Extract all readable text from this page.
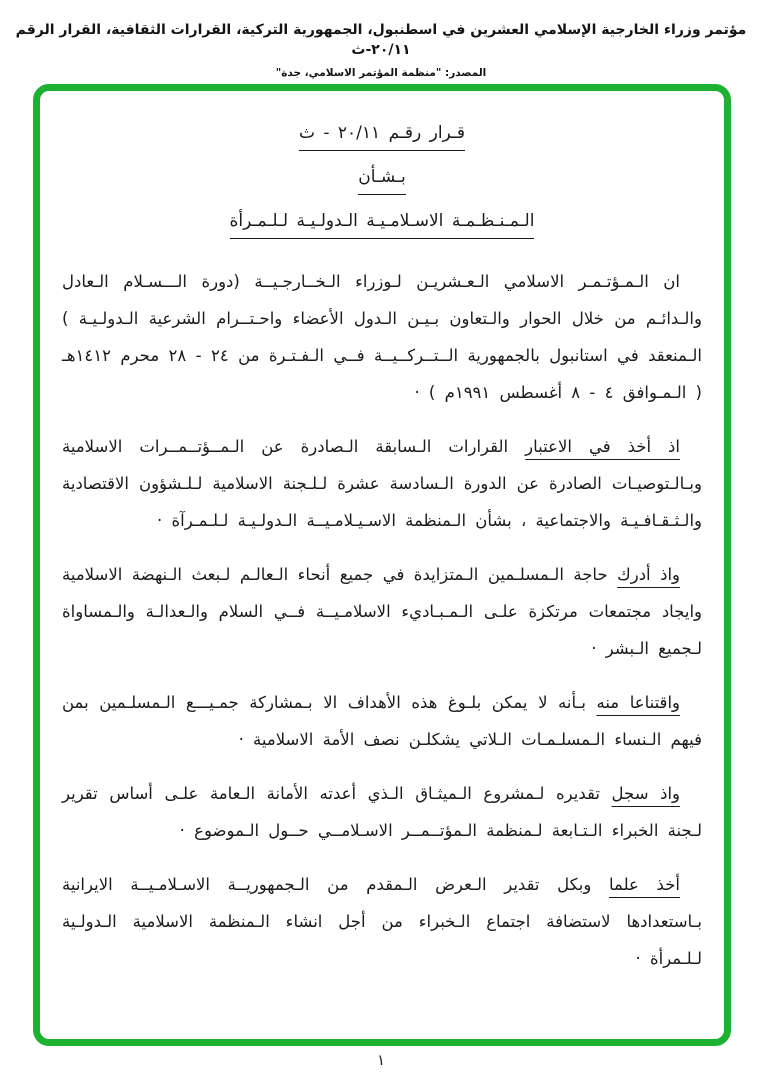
مؤتمر وزراء الخارجية الإسلامي العشرين في اسطنبول، الجمهورية التركية، القرارات الثقافية، القرار الرقم ٢٠/١١-ث
المصدر: "منظمة المؤتمر الاسلامي، جدة"
قـرار رقـم ٢٠/١١ - ث
بـشـأن
الـمـنـظـمـة الاسـلامـيـة الـدولـيـة لـلـمـرأة

ان الـمـؤتـمـر الاسلامي الـعـشريـن لـوزراء الـخــارجـيــة (دورة الـــسـلام الـعادل والـدائـم من خلال الحوار والـتعاون بـيـن الـدول الأعضاء واحـتــرام الشرعية الـدولـيـة ) الـمنعقد في استانبول بالجمهورية الــتــركــيــة فــي الـفـتـرة من ٢٤ - ٢٨ محرم ١٤١٢هـ ( الـمـوافق ٤ - ٨ أغسطس ١٩٩١م ) ·

اذ أخذ في الاعتبار القرارات الـسابقة الـصادرة عن الـمــؤتــمــرات الاسلامية وبـالـتوصيـات الصادرة عن الدورة الـسادسة عشرة لـلـجنة الاسلامية لـلـشؤون الاقتصادية والـثـقـافـيـة والاجتماعية ، بشأن الـمنظمة الاسـيـلامـيــة الـدولـيـة لـلـمـرآة ·

واذ أدرك حاجة الـمسلـمين الـمتزايدة في جميع أنحاء الـعالـم لـبعث الـنهضة الاسلامية وايجاد مجتمعات مرتكزة علـى الـمـبـاديء الاسلامـيــة فــي السلام والـعدالـة والـمساواة لـجميع الـبشر ·

واقتناعا منه بـأنه لا يمكن بلـوغ هذه الأهداف الا بـمشاركة جمـيـــع الـمسلـمين بمن فيهم الـنساء الـمسلـمـات الـلاتي يشكلـن نصف الأمة الاسلامية ·

واذ سجل تقديره لـمشروع الـميثـاق الـذي أعدته الأمانة الـعامة علـى أساس تقرير لـجنة الخبراء الـتـابعة لـمنظمة الـمؤتــمــر الاسـلامــي حــول الـموضوع ·

أخذ علما وبكل تقدير الـعرض الـمقدم من الـجمهوريــة الاسـلامـيــة الايرانية بـاستعدادها لاستضافة اجتماع الـخبراء من أجل انشاء الـمنظمة الاسلامية الـدولـية لـلـمرأة ·

١
